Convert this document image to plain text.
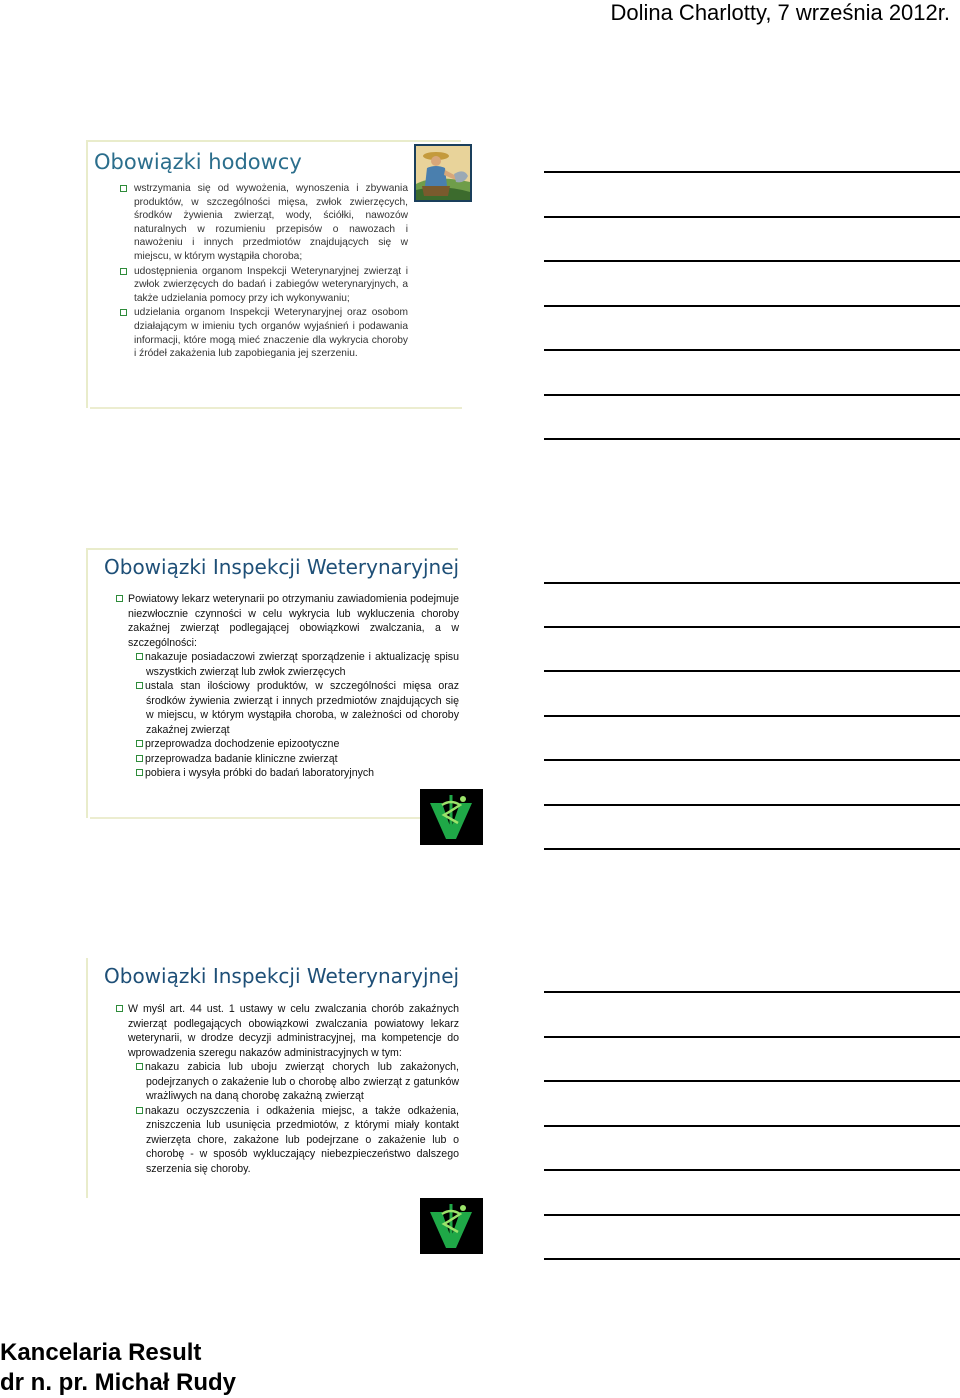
Dolina Charlotty, 7 września 2012r.
Obowiązki hodowcy
wstrzymania się od wywożenia, wynoszenia i zbywania produktów, w szczególności mięsa, zwłok zwierzęcych, środków żywienia zwierząt, wody, ściółki, nawozów naturalnych w rozumieniu przepisów o nawozach i nawożeniu i innych przedmiotów znajdujących się w miejscu, w którym wystąpiła choroba;
udostępnienia organom Inspekcji Weterynaryjnej zwierząt i zwłok zwierzęcych do badań i zabiegów weterynaryjnych, a także udzielania pomocy przy ich wykonywaniu;
udzielania organom Inspekcji Weterynaryjnej oraz osobom działającym w imieniu tych organów wyjaśnień i podawania informacji, które mogą mieć znaczenie dla wykrycia choroby i źródeł zakażenia lub zapobiegania jej szerzeniu.
Obowiązki Inspekcji Weterynaryjnej
Powiatowy lekarz weterynarii po otrzymaniu zawiadomienia podejmuje niezwłocznie czynności w celu wykrycia lub wykluczenia choroby zakaźnej zwierząt podlegającej obowiązkowi zwalczania, a w szczególności:
nakazuje posiadaczowi zwierząt sporządzenie i aktualizację spisu wszystkich zwierząt lub zwłok zwierzęcych
ustala stan ilościowy produktów, w szczególności mięsa oraz środków żywienia zwierząt i innych przedmiotów znajdujących się w miejscu, w którym wystąpiła choroba, w zależności od choroby zakaźnej zwierząt
przeprowadza dochodzenie epizootyczne
przeprowadza badanie kliniczne zwierząt
pobiera i wysyła próbki do badań laboratoryjnych
Obowiązki Inspekcji Weterynaryjnej
W myśl art. 44 ust. 1 ustawy w celu zwalczania chorób zakaźnych zwierząt podlegających obowiązkowi zwalczania powiatowy lekarz weterynarii, w drodze decyzji administracyjnej, ma kompetencje do wprowadzenia szeregu nakazów administracyjnych w tym:
nakazu zabicia lub uboju zwierząt chorych lub zakażonych, podejrzanych o zakażenie lub o chorobę albo zwierząt z gatunków wrażliwych na daną chorobę zakażną zwierząt
nakazu oczyszczenia i odkażenia miejsc, a także odkażenia, zniszczenia lub usunięcia przedmiotów, z którymi miały kontakt zwierzęta chore, zakażone lub podejrzane o zakażenie lub o chorobę - w sposób wykluczający niebezpieczeństwo dalszego szerzenia się choroby.
Kancelaria Result
dr n. pr. Michał Rudy
